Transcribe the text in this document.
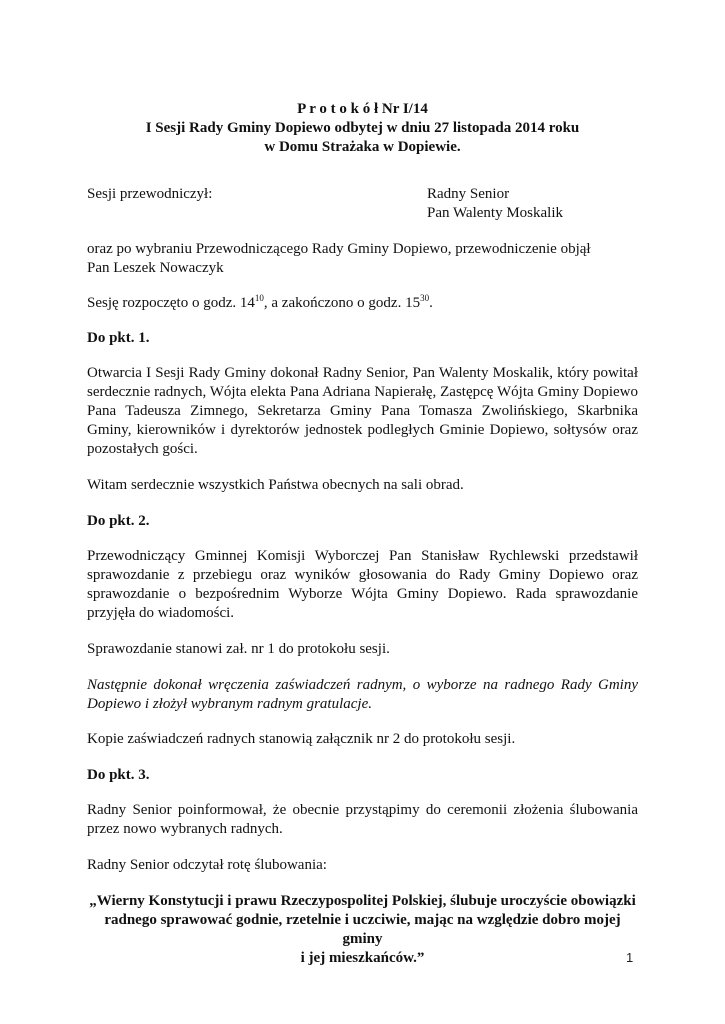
P r o t o k ó ł Nr I/14
I Sesji Rady Gminy Dopiewo odbytej w dniu 27 listopada 2014 roku
w Domu Strażaka w Dopiewie.
Sesji przewodniczył:	Radny Senior
Pan Walenty Moskalik

oraz po wybraniu Przewodniczącego Rady Gminy Dopiewo, przewodniczenie objął
Pan Leszek Nowaczyk

Sesję rozpoczęto o godz. $14^{10}$, a zakończono o godz. $15^{30}$.

Do pkt. 1.

Otwarcia I Sesji Rady Gminy dokonał Radny Senior, Pan Walenty Moskalik, który powitał serdecznie radnych, Wójta elekta Pana Adriana Napierałę, Zastępcę Wójta Gminy Dopiewo Pana Tadeusza Zimnego, Sekretarza Gminy Pana Tomasza Zwolińskiego, Skarbnika Gminy, kierowników i dyrektorów jednostek podległych Gminie Dopiewo, sołtysów oraz pozostałych gości.

Witam serdecznie wszystkich Państwa obecnych na sali obrad.

Do pkt. 2.

Przewodniczący Gminnej Komisji Wyborczej Pan Stanisław Rychlewski przedstawił sprawozdanie z przebiegu oraz wyników głosowania do Rady Gminy Dopiewo oraz sprawozdanie o bezpośrednim Wyborze Wójta Gminy Dopiewo. Rada sprawozdanie przyjęła do wiadomości.

Sprawozdanie stanowi zał. nr 1 do protokołu sesji.

Następnie dokonał wręczenia zaświadczeń radnym, o wyborze na radnego Rady Gminy Dopiewo i złożył wybranym radnym gratulacje.

Kopie zaświadczeń radnych stanowią załącznik nr 2 do protokołu sesji.

Do pkt. 3.

Radny Senior poinformował, że obecnie przystąpimy do ceremonii złożenia ślubowania przez nowo wybranych radnych.

Radny Senior odczytał rotę ślubowania:

„Wierny Konstytucji i prawu Rzeczypospolitej Polskiej, ślubuje uroczyście obowiązki
radnego sprawować godnie, rzetelnie i uczciwie, mając na względzie dobro mojej gminy
i jej mieszkańców.”	1
